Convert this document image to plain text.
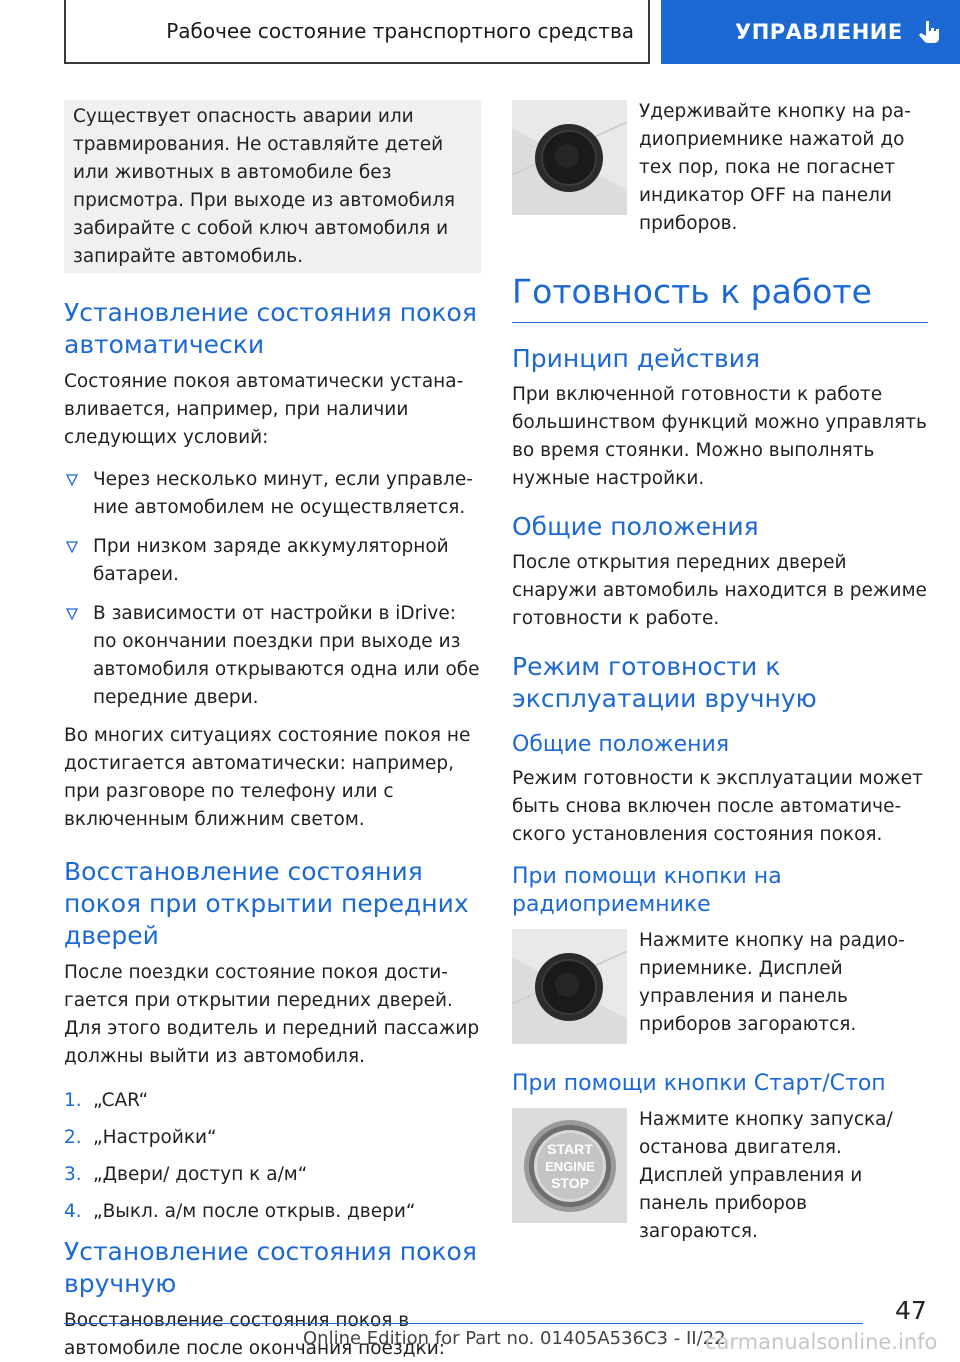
Рабочее состояние транспортного средства	УПРАВЛЕНИЕ
Существует опасность аварии или травмирования. Не оставляйте детей или животных в автомобиле без присмотра. При выходе из автомобиля забирайте с собой ключ автомобиля и запирайте автомобиль.
Установление состояния покоя автоматически

Состояние покоя автоматически устанавливается, например, при наличии следующих условий:

Через несколько минут, если управление автомобилем не осуществляется.
При низком заряде аккумуляторной батареи.
В зависимости от настройки в iDrive: по окончании поездки при выходе из автомобиля открываются одна или обе передние двери.

Во многих ситуациях состояние покоя не достигается автоматически: например, при разговоре по телефону или с включенным ближним светом.

Восстановление состояния покоя при открытии передних дверей

После поездки состояние покоя достигается при открытии передних дверей. Для этого водитель и передний пассажир должны выйти из автомобиля.

1. „CAR“
2. „Настройки“
3. „Двери/ доступ к а/м“
4. „Выкл. а/м после открыв. двери“
Установление состояния покоя вручную

Восстановление состояния покоя в автомобиле после окончания поездки:

Удерживайте кнопку на радиоприемнике нажатой до тех пор, пока не погаснет индикатор OFF на панели приборов.

Готовность к работе
Принцип действия

При включенной готовности к работе большинством функций можно управлять во время стоянки. Можно выполнять нужные настройки.

Общие положения

После открытия передних дверей снаружи автомобиль находится в режиме готовности к работе.

Режим готовности к эксплуатации вручную
Общие положения

Режим готовности к эксплуатации может быть снова включен после автоматического установления состояния покоя.

При помощи кнопки на радиоприемнике

Нажмите кнопку на радиоприемнике. Дисплей управления и панель приборов загораются.

При помощи кнопки Старт/Стоп
START
ENGINE
STOP

Нажмите кнопку запуска/ останова двигателя. Дисплей управления и панель приборов загораются.

47
Online Edition for Part no. 01405A536C3 - II/22
carmanualsonline.info
